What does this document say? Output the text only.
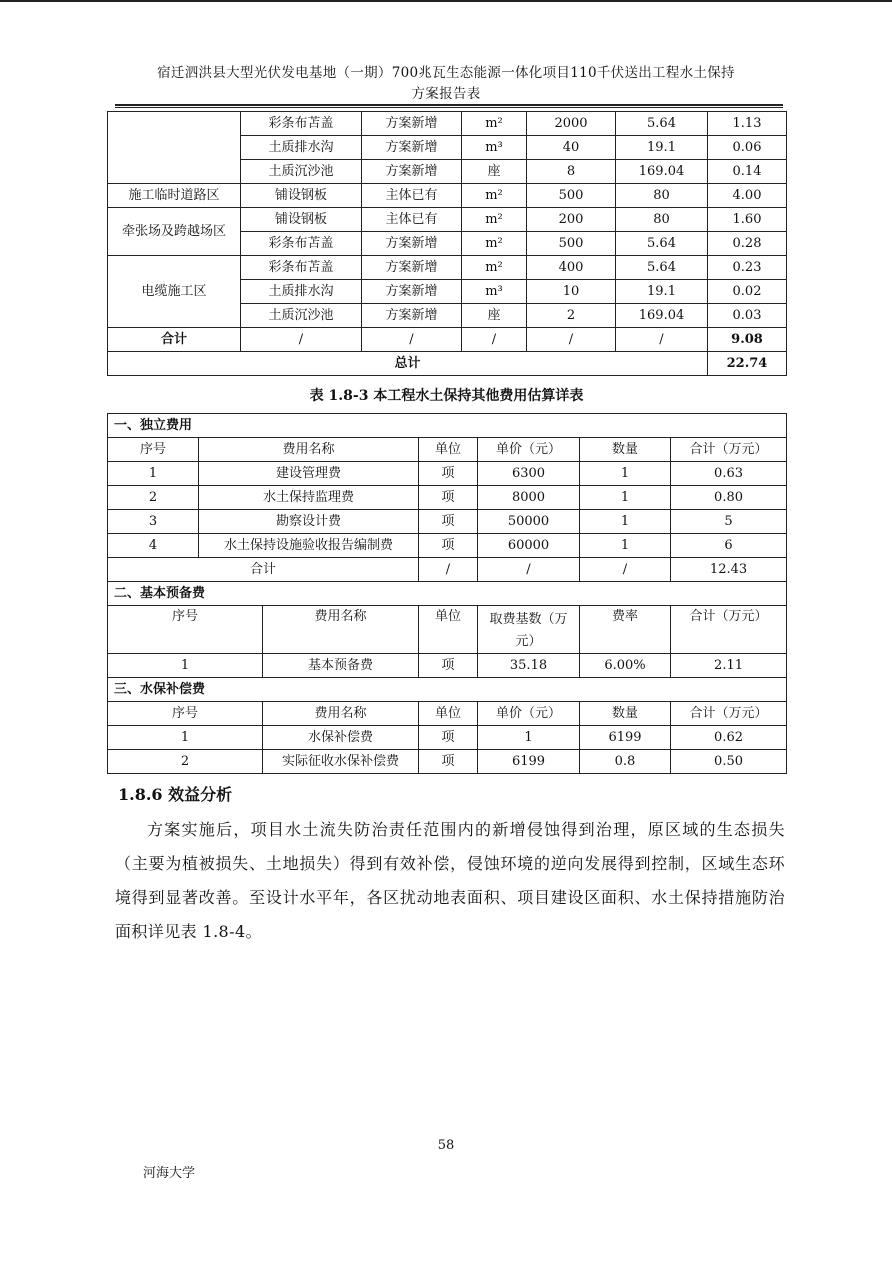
宿迁泗洪县大型光伏发电基地（一期）700兆瓦生态能源一体化项目110千伏送出工程水土保持
方案报告表
	彩条布苫盖	方案新增	m²	2000	5.64	1.13
	土质排水沟	方案新增	m³	40	19.1	0.06
	土质沉沙池	方案新增	座	8	169.04	0.14
施工临时道路区	铺设钢板	主体已有	m²	500	80	4.00
牵张场及跨越场区	铺设钢板	主体已有	m²	200	80	1.60
	彩条布苫盖	方案新增	m²	500	5.64	0.28
电缆施工区	彩条布苫盖	方案新增	m²	400	5.64	0.23
	土质排水沟	方案新增	m³	10	19.1	0.02
	土质沉沙池	方案新增	座	2	169.04	0.03
合计	/	/	/	/	/	9.08
总计						22.74
表 1.8-3 本工程水土保持其他费用估算详表
一、独立费用						
序号	费用名称		单位	单价（元）	数量	合计（万元）
1	建设管理费		项	6300	1	0.63
2	水土保持监理费		项	8000	1	0.80
3	勘察设计费		项	50000	1	5
4	水土保持设施验收报告编制费		项	60000	1	6
合计			/	/	/	12.43
二、基本预备费						
序号		费用名称	单位	取费基数（万元）	费率	合计（万元）
1		基本预备费	项	35.18	6.00%	2.11
三、水保补偿费						
序号		费用名称	单位	单价（元）	数量	合计（万元）
1		水保补偿费	项	1	6199	0.62
2		实际征收水保补偿费	项	6199	0.8	0.50
1.8.6 效益分析
方案实施后，项目水土流失防治责任范围内的新增侵蚀得到治理，原区域的生态损失（主要为植被损失、土地损失）得到有效补偿，侵蚀环境的逆向发展得到控制，区域生态环境得到显著改善。至设计水平年，各区扰动地表面积、项目建设区面积、水土保持措施防治面积详见表 1.8-4。
58
河海大学
